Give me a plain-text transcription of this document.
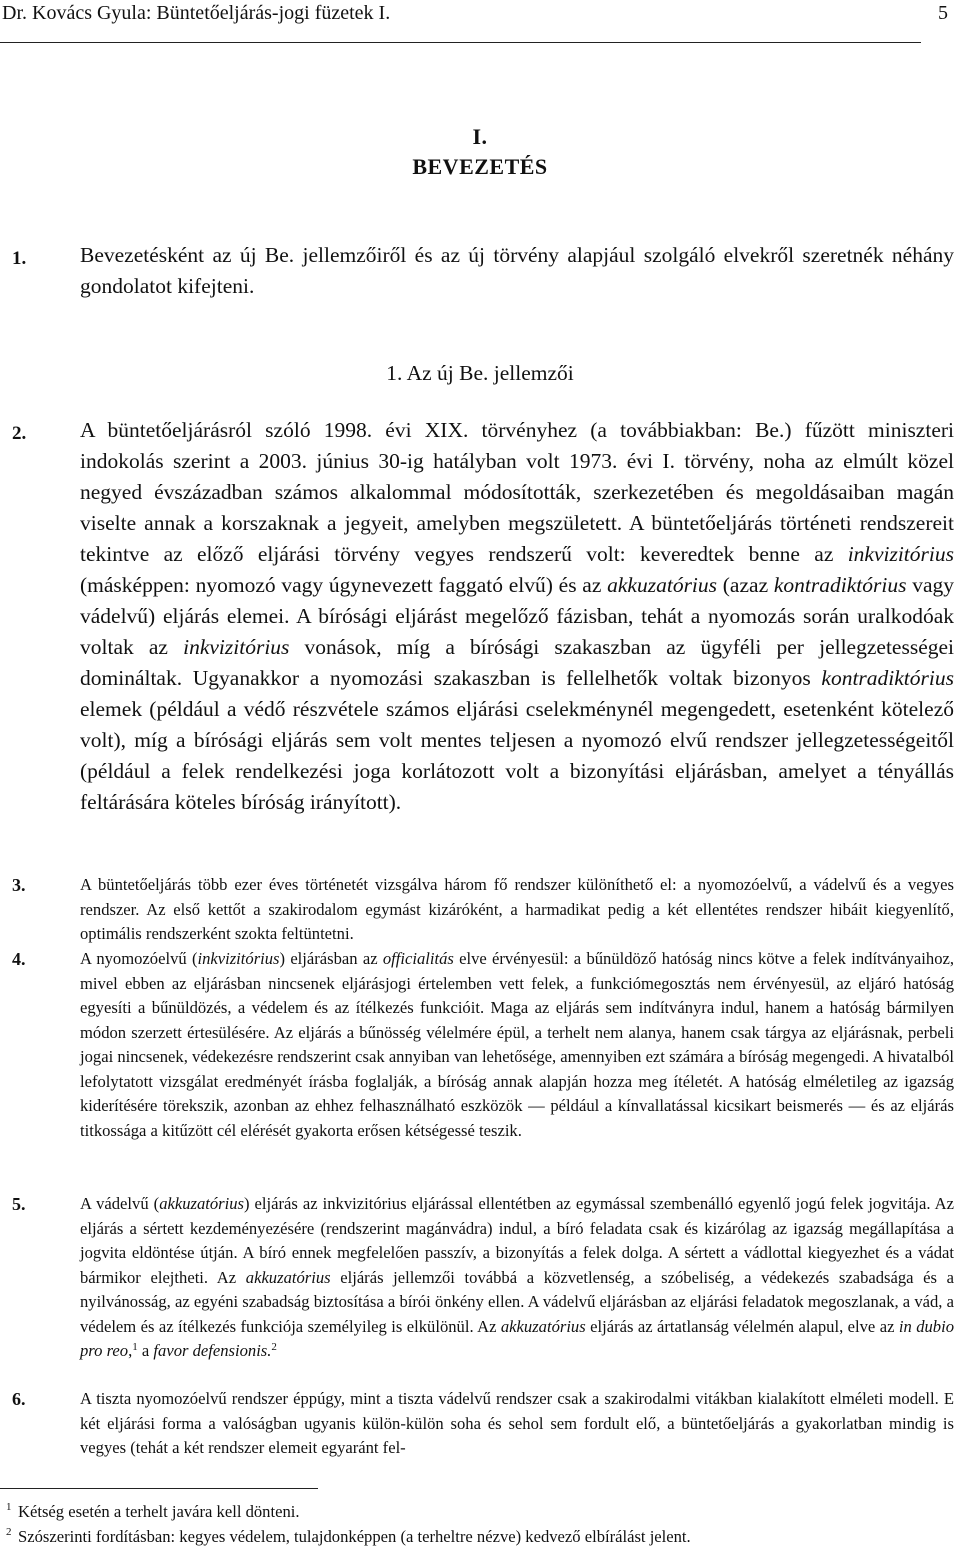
Dr. Kovács Gyula: Büntetőeljárás-jogi füzetek I.	5
I.
BEVEZETÉS
1.	Bevezetésként az új Be. jellemzőiről és az új törvény alapjául szolgáló elvekről szeretnék néhány gondolatot kifejteni.
1. Az új Be. jellemzői
2.	A büntetőeljárásról szóló 1998. évi XIX. törvényhez (a továbbiakban: Be.) fűzött miniszteri indokolás szerint a 2003. június 30-ig hatályban volt 1973. évi I. törvény, noha az elmúlt közel negyed évszázadban számos alkalommal módosították, szerkezetében és megoldásaiban magán viselte annak a korszaknak a jegyeit, amelyben megszületett. A büntetőeljárás történeti rendszereit tekintve az előző eljárási törvény vegyes rendszerű volt: keveredtek benne az inkvizitórius (másképpen: nyomozó vagy úgynevezett faggató elvű) és az akkuzatórius (azaz kontradiktórius vagy vádelvű) eljárás elemei. A bírósági eljárást megelőző fázisban, tehát a nyomozás során uralkodóak voltak az inkvizitórius vonások, míg a bírósági szakaszban az ügyféli per jellegzetességei domináltak. Ugyanakkor a nyomozási szakaszban is fellelhetők voltak bizonyos kontradiktórius elemek (például a védő részvétele számos eljárási cselekménynél megengedett, esetenként kötelező volt), míg a bírósági eljárás sem volt mentes teljesen a nyomozó elvű rendszer jellegzetességeitől (például a felek rendelkezési joga korlátozott volt a bizonyítási eljárásban, amelyet a tényállás feltárására köteles bíróság irányított).
3.	A büntetőeljárás több ezer éves történetét vizsgálva három fő rendszer különíthető el: a nyomozóelvű, a vádelvű és a vegyes rendszer. Az első kettőt a szakirodalom egymást kizáróként, a harmadikat pedig a két ellentétes rendszer hibáit kiegyenlítő, optimális rendszerként szokta feltüntetni.
4.	A nyomozóelvű (inkvizitórius) eljárásban az officialitás elve érvényesül: a bűnüldöző hatóság nincs kötve a felek indítványaihoz, mivel ebben az eljárásban nincsenek eljárásjogi értelemben vett felek, a funkciómegosztás nem érvényesül, az eljáró hatóság egyesíti a bűnüldözés, a védelem és az ítélkezés funkcióit. Maga az eljárás sem indítványra indul, hanem a hatóság bármilyen módon szerzett értesülésére. Az eljárás a bűnösség vélelmére épül, a terhelt nem alanya, hanem csak tárgya az eljárásnak, perbeli jogai nincsenek, védekezésre rendszerint csak annyiban van lehetősége, amennyiben ezt számára a bíróság megengedi. A hivatalból lefolytatott vizsgálat eredményét írásba foglalják, a bíróság annak alapján hozza meg ítéletét. A hatóság elméletileg az igazság kiderítésére törekszik, azonban az ehhez felhasználható eszközök — például a kínvallatással kicsikart beismerés — és az eljárás titkossága a kitűzött cél elérését gyakorta erősen kétségessé teszik.
5.	A vádelvű (akkuzatórius) eljárás az inkvizitórius eljárással ellentétben az egymással szembenálló egyenlő jogú felek jogvitája. Az eljárás a sértett kezdeményezésére (rendszerint magánvádra) indul, a bíró feladata csak és kizárólag az igazság megállapítása a jogvita eldöntése útján. A bíró ennek megfelelően passzív, a bizonyítás a felek dolga. A sértett a vádlottal kiegyezhet és a vádat bármikor elejtheti. Az akkuzatórius eljárás jellemzői továbbá a közvetlenség, a szóbeliség, a védekezés szabadsága és a nyilvánosság, az egyéni szabadság biztosítása a bírói önkény ellen. A vádelvű eljárásban az eljárási feladatok megoszlanak, a vád, a védelem és az ítélkezés funkciója személyileg is elkülönül. Az akkuzatórius eljárás az ártatlanság vélelmén alapul, elve az in dubio pro reo,$^1$ a favor defensionis.$^2$
6.	A tiszta nyomozóelvű rendszer éppúgy, mint a tiszta vádelvű rendszer csak a szakirodalmi vitákban kialakított elméleti modell. E két eljárási forma a valóságban ugyanis külön-külön soha és sehol sem fordult elő, a büntetőeljárás a gyakorlatban mindig is vegyes (tehát a két rendszer elemeit egyaránt fel-
1 Kétség esetén a terhelt javára kell dönteni.
2 Szószerinti fordításban: kegyes védelem, tulajdonképpen (a terheltre nézve) kedvező elbírálást jelent.
